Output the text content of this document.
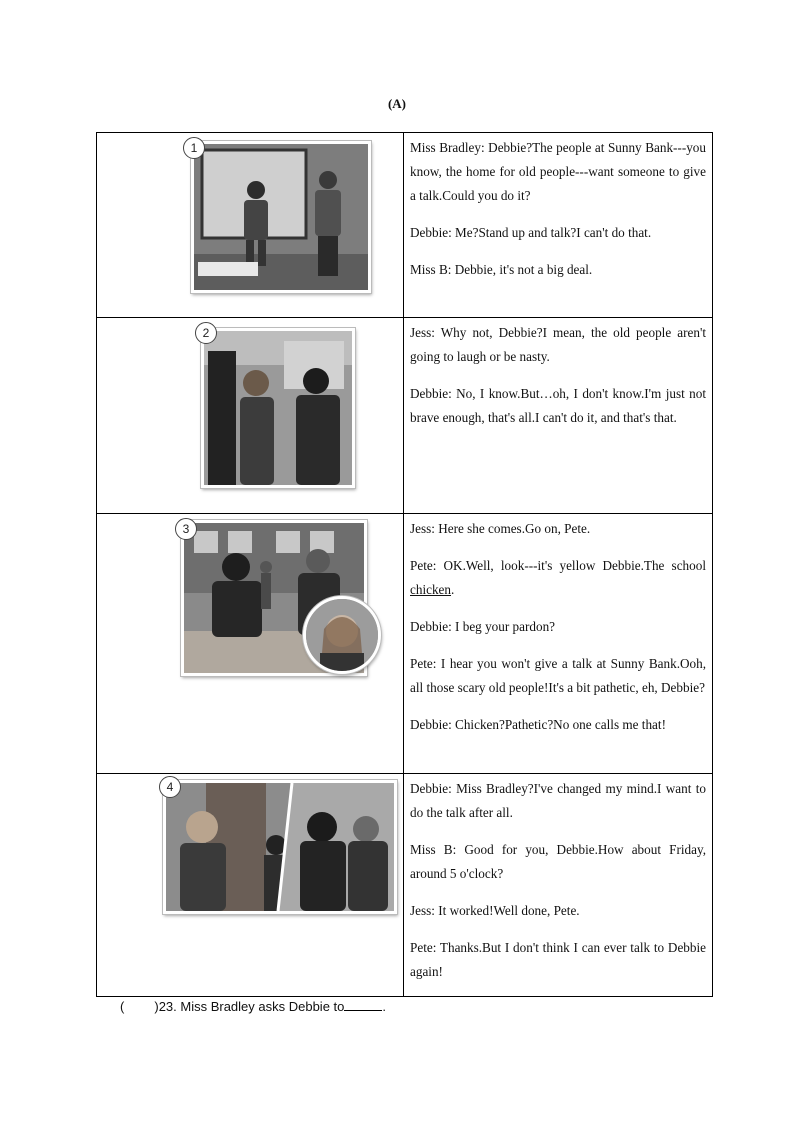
(A)
1	Miss Bradley: Debbie?The people at Sunny Bank---you know, the home for old people---want someone to give a talk.Could you do it?

Debbie: Me?Stand up and talk?I can't do that.

Miss B: Debbie, it's not a big deal.

2	Jess: Why not, Debbie?I mean, the old people aren't going to laugh or be nasty.

Debbie: No, I know.But…oh, I don't know.I'm just not brave enough, that's all.I can't do it, and that's that.

3	Jess: Here she comes.Go on, Pete.

Pete: OK.Well, look---it's yellow Debbie.The school chicken.

Debbie: I beg your pardon?

Pete: I hear you won't give a talk at Sunny Bank.Ooh, all those scary old people!It's a bit pathetic, eh, Debbie?

Debbie: Chicken?Pathetic?No one calls me that!

4	Debbie: Miss Bradley?I've changed my mind.I want to do the talk after all.

Miss B: Good for you, Debbie.How about Friday, around 5 o'clock?

Jess: It worked!Well done, Pete.

Pete: Thanks.But I don't think I can ever talk to Debbie again!

( )23. Miss Bradley asks Debbie to	.
